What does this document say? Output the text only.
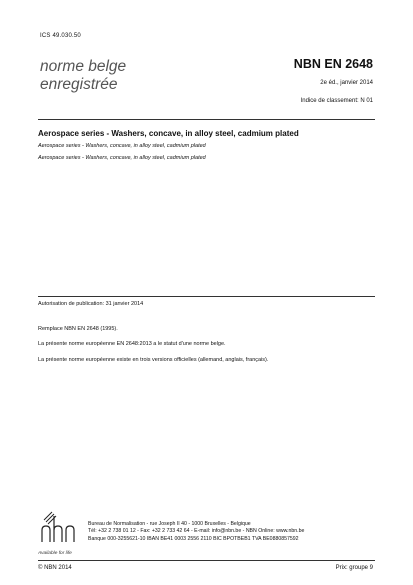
ICS 49.030.50
norme belge
enregistrée
NBN EN 2648
2e éd., janvier 2014
Indice de classement: N 01
Aerospace series - Washers, concave, in alloy steel, cadmium plated
Aerospace series - Washers, concave, in alloy steel, cadmium plated
Aerospace series - Washers, concave, in alloy steel, cadmium plated
Autorisation de publication: 31 janvier 2014
Remplace NBN EN 2648 (1995).
La présente norme européenne EN 2648:2013 a le statut d'une norme belge.
La présente norme européenne existe en trois versions officielles (allemand, anglais, français).
Available for life
Bureau de Normalisation - rue Joseph II 40 - 1000 Bruxelles - Belgique
Tél: +32 2 738 01 12 - Fax: +32 2 733 42 64 - E-mail: info@nbn.be - NBN Online: www.nbn.be
Banque 000-3255621-10 IBAN BE41 0003 2556 2110 BIC BPOTBEB1 TVA BE0880857592
© NBN 2014	Prix: groupe 9
